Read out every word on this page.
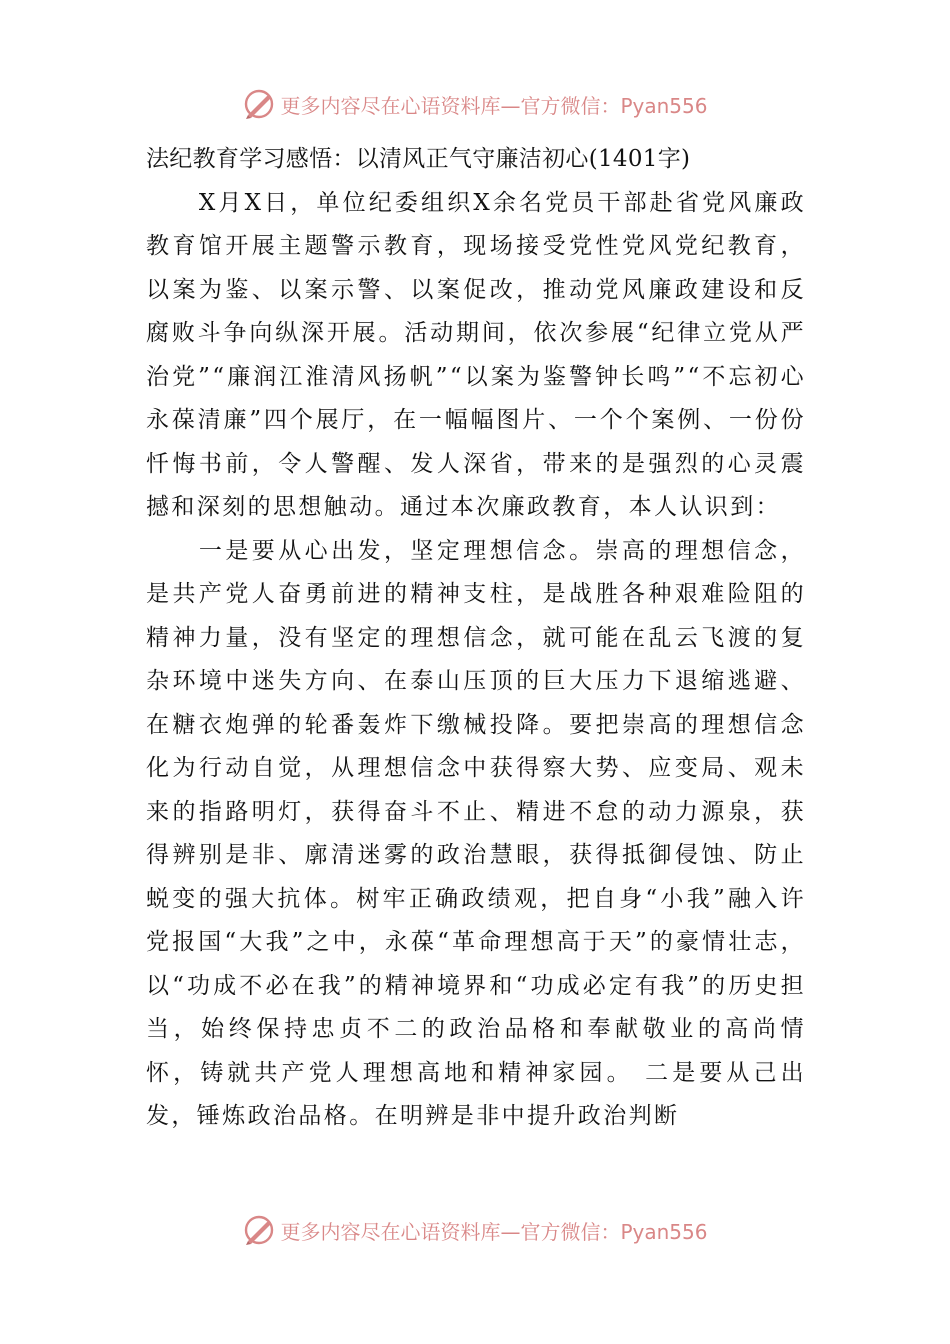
更多内容尽在心语资料库—官方微信：Pyan556

法纪教育学习感悟：以清风正气守廉洁初心(1401字)

X月X日，单位纪委组织X余名党员干部赴省党风廉政教育馆开展主题警示教育，现场接受党性党风党纪教育，以案为鉴、以案示警、以案促改，推动党风廉政建设和反腐败斗争向纵深开展。活动期间，依次参展“纪律立党从严治党”“廉润江淮清风扬帆”“以案为鉴警钟长鸣”“不忘初心永葆清廉”四个展厅，在一幅幅图片、一个个案例、一份份忏悔书前，令人警醒、发人深省，带来的是强烈的心灵震撼和深刻的思想触动。通过本次廉政教育，本人认识到：

一是要从心出发，坚定理想信念。崇高的理想信念，是共产党人奋勇前进的精神支柱，是战胜各种艰难险阻的精神力量，没有坚定的理想信念，就可能在乱云飞渡的复杂环境中迷失方向、在泰山压顶的巨大压力下退缩逃避、在糖衣炮弹的轮番轰炸下缴械投降。要把崇高的理想信念化为行动自觉，从理想信念中获得察大势、应变局、观未来的指路明灯，获得奋斗不止、精进不怠的动力源泉，获得辨别是非、廓清迷雾的政治慧眼，获得抵御侵蚀、防止蜕变的强大抗体。树牢正确政绩观，把自身“小我”融入许党报国“大我”之中，永葆“革命理想高于天”的豪情壮志，以“功成不必在我”的精神境界和“功成必定有我”的历史担当，始终保持忠贞不二的政治品格和奉献敬业的高尚情怀，铸就共产党人理想高地和精神家园。 二是要从己出发，锤炼政治品格。在明辨是非中提升政治判断

更多内容尽在心语资料库—官方微信：Pyan556
